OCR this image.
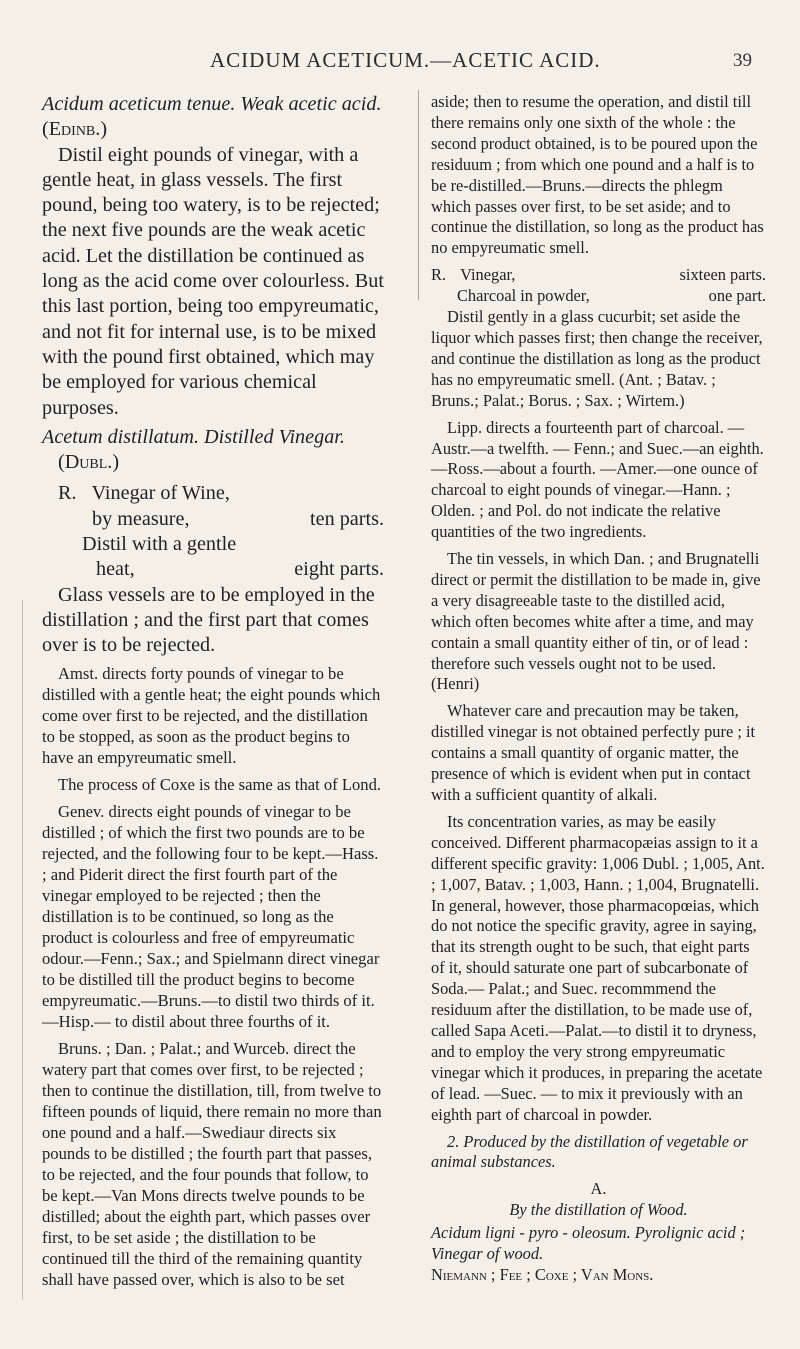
ACIDUM ACETICUM.—ACETIC ACID.	39

Acidum aceticum tenue. Weak acetic acid. (Edinb.)

Distil eight pounds of vinegar, with a gentle heat, in glass vessels. The first pound, being too watery, is to be rejected; the next five pounds are the weak acetic acid. Let the distillation be continued as long as the acid come over colourless. But this last portion, being too empyreumatic, and not fit for internal use, is to be mixed with the pound first obtained, which may be employed for various chemical purposes.

Acetum distillatum. Distilled Vinegar.

(Dubl.)

R. Vinegar of Wine,
by measure,	ten parts.
Distil with a gentle
heat,	eight parts.

Glass vessels are to be employed in the distillation ; and the first part that comes over is to be rejected.

Amst. directs forty pounds of vinegar to be distilled with a gentle heat; the eight pounds which come over first to be rejected, and the distillation to be stopped, as soon as the product begins to have an empyreumatic smell.

The process of Coxe is the same as that of Lond.

Genev. directs eight pounds of vinegar to be distilled ; of which the first two pounds are to be rejected, and the following four to be kept.—Hass. ; and Piderit direct the first fourth part of the vinegar employed to be rejected ; then the distillation is to be continued, so long as the product is colourless and free of empyreumatic odour.—Fenn.; Sax.; and Spielmann direct vinegar to be distilled till the product begins to become empyreumatic.—Bruns.—to distil two thirds of it.—Hisp.— to distil about three fourths of it.

Bruns. ; Dan. ; Palat.; and Wurceb. direct the watery part that comes over first, to be rejected ; then to continue the distillation, till, from twelve to fifteen pounds of liquid, there remain no more than one pound and a half.—Swediaur directs six pounds to be distilled ; the fourth part that passes, to be rejected, and the four pounds that follow, to be kept.—Van Mons directs twelve pounds to be distilled; about the eighth part, which passes over first, to be set aside ; the distillation to be continued till the third of the remaining quantity shall have passed over, which is also to be set

aside; then to resume the operation, and distil till there remains only one sixth of the whole : the second product obtained, is to be poured upon the residuum ; from which one pound and a half is to be re-distilled.—Bruns.—directs the phlegm which passes over first, to be set aside; and to continue the distillation, so long as the product has no empyreumatic smell.

R. Vinegar,	sixteen parts.
Charcoal in powder,	one part.

Distil gently in a glass cucurbit; set aside the liquor which passes first; then change the receiver, and continue the distillation as long as the product has no empyreumatic smell. (Ant. ; Batav. ; Bruns.; Palat.; Borus. ; Sax. ; Wirtem.)

Lipp. directs a fourteenth part of charcoal. — Austr.—a twelfth. — Fenn.; and Suec.—an eighth.—Ross.—about a fourth. —Amer.—one ounce of charcoal to eight pounds of vinegar.—Hann. ; Olden. ; and Pol. do not indicate the relative quantities of the two ingredients.

The tin vessels, in which Dan. ; and Brugnatelli direct or permit the distillation to be made in, give a very disagreeable taste to the distilled acid, which often becomes white after a time, and may contain a small quantity either of tin, or of lead : therefore such vessels ought not to be used. (Henri)

Whatever care and precaution may be taken, distilled vinegar is not obtained perfectly pure ; it contains a small quantity of organic matter, the presence of which is evident when put in contact with a sufficient quantity of alkali.

Its concentration varies, as may be easily conceived. Different pharmacopæias assign to it a different specific gravity: 1,006 Dubl. ; 1,005, Ant. ; 1,007, Batav. ; 1,003, Hann. ; 1,004, Brugnatelli. In general, however, those pharmacopœias, which do not notice the specific gravity, agree in saying, that its strength ought to be such, that eight parts of it, should saturate one part of subcarbonate of Soda.— Palat.; and Suec. recommmend the residuum after the distillation, to be made use of, called Sapa Aceti.—Palat.—to distil it to dryness, and to employ the very strong empyreumatic vinegar which it produces, in preparing the acetate of lead. —Suec. — to mix it previously with an eighth part of charcoal in powder.

2. Produced by the distillation of vegetable or animal substances.

A.

By the distillation of Wood.

Acidum ligni - pyro - oleosum. Pyrolignic acid ; Vinegar of wood.

Niemann ; Fee ; Coxe ; Van Mons.
